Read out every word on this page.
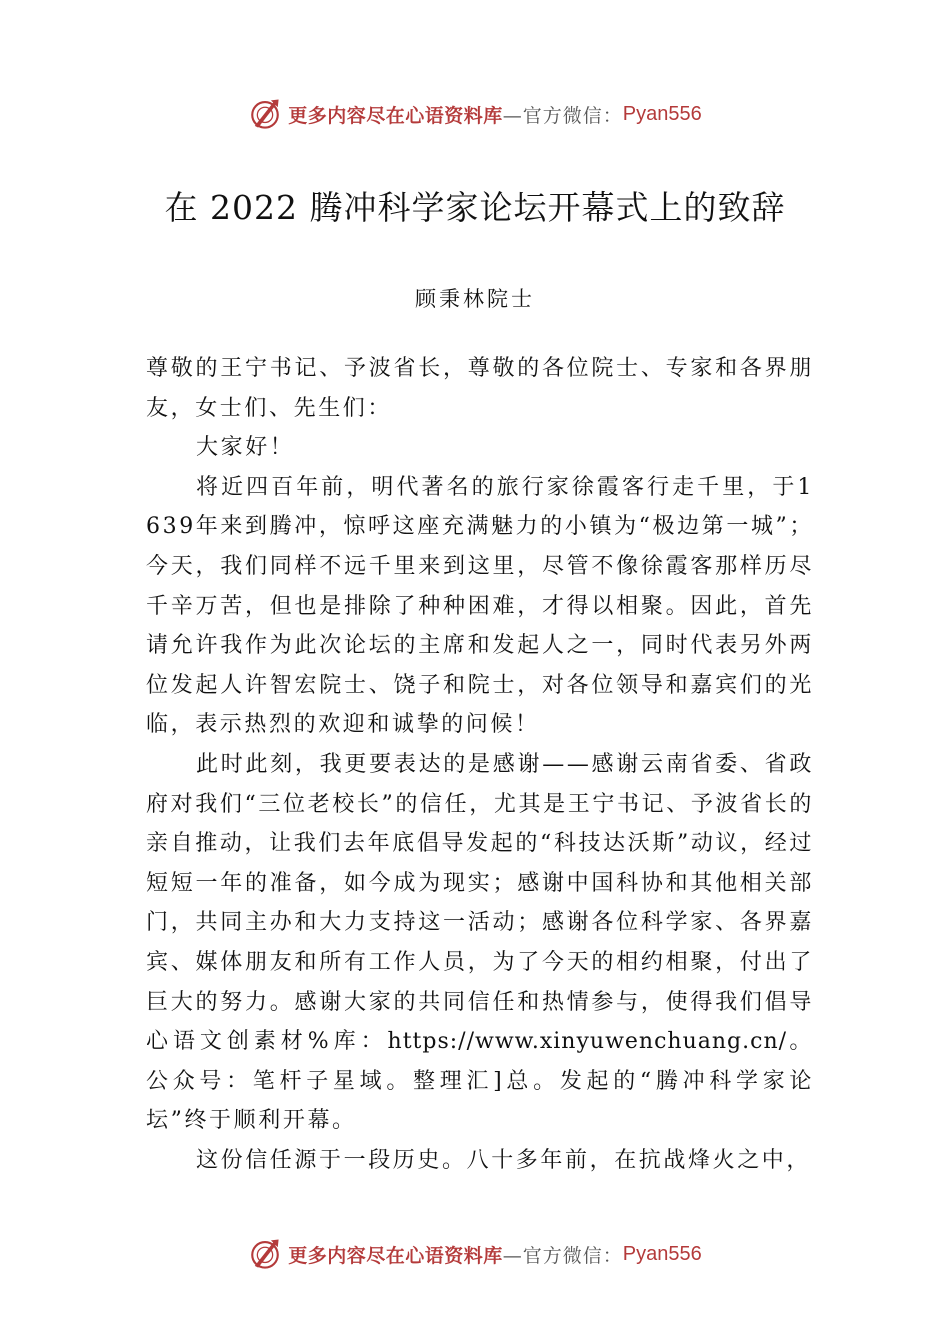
更多内容尽在心语资料库 —官方微信： Pyan556
在 2022 腾冲科学家论坛开幕式上的致辞

顾秉林院士

尊敬的王宁书记、予波省长，尊敬的各位院士、专家和各界朋友，女士们、先生们：

大家好！

将近四百年前，明代著名的旅行家徐霞客行走千里，于1639年来到腾冲，惊呼这座充满魅力的小镇为“极边第一城”；今天，我们同样不远千里来到这里，尽管不像徐霞客那样历尽千辛万苦，但也是排除了种种困难，才得以相聚。因此，首先请允许我作为此次论坛的主席和发起人之一，同时代表另外两位发起人许智宏院士、饶子和院士，对各位领导和嘉宾们的光临，表示热烈的欢迎和诚挚的问候！

此时此刻，我更要表达的是感谢——感谢云南省委、省政府对我们“三位老校长”的信任，尤其是王宁书记、予波省长的亲自推动，让我们去年底倡导发起的“科技达沃斯”动议，经过短短一年的准备，如今成为现实；感谢中国科协和其他相关部门，共同主办和大力支持这一活动；感谢各位科学家、各界嘉宾、媒体朋友和所有工作人员，为了今天的相约相聚，付出了巨大的努力。感谢大家的共同信任和热情参与，使得我们倡导心语文创素材%库：https://www.xinyuwenchuang.cn/。公众号：笔杆子星域。整理汇]总。发起的“腾冲科学家论坛”终于顺利开幕。

这份信任源于一段历史。八十多年前，在抗战烽火之中，

更多内容尽在心语资料库 —官方微信： Pyan556
